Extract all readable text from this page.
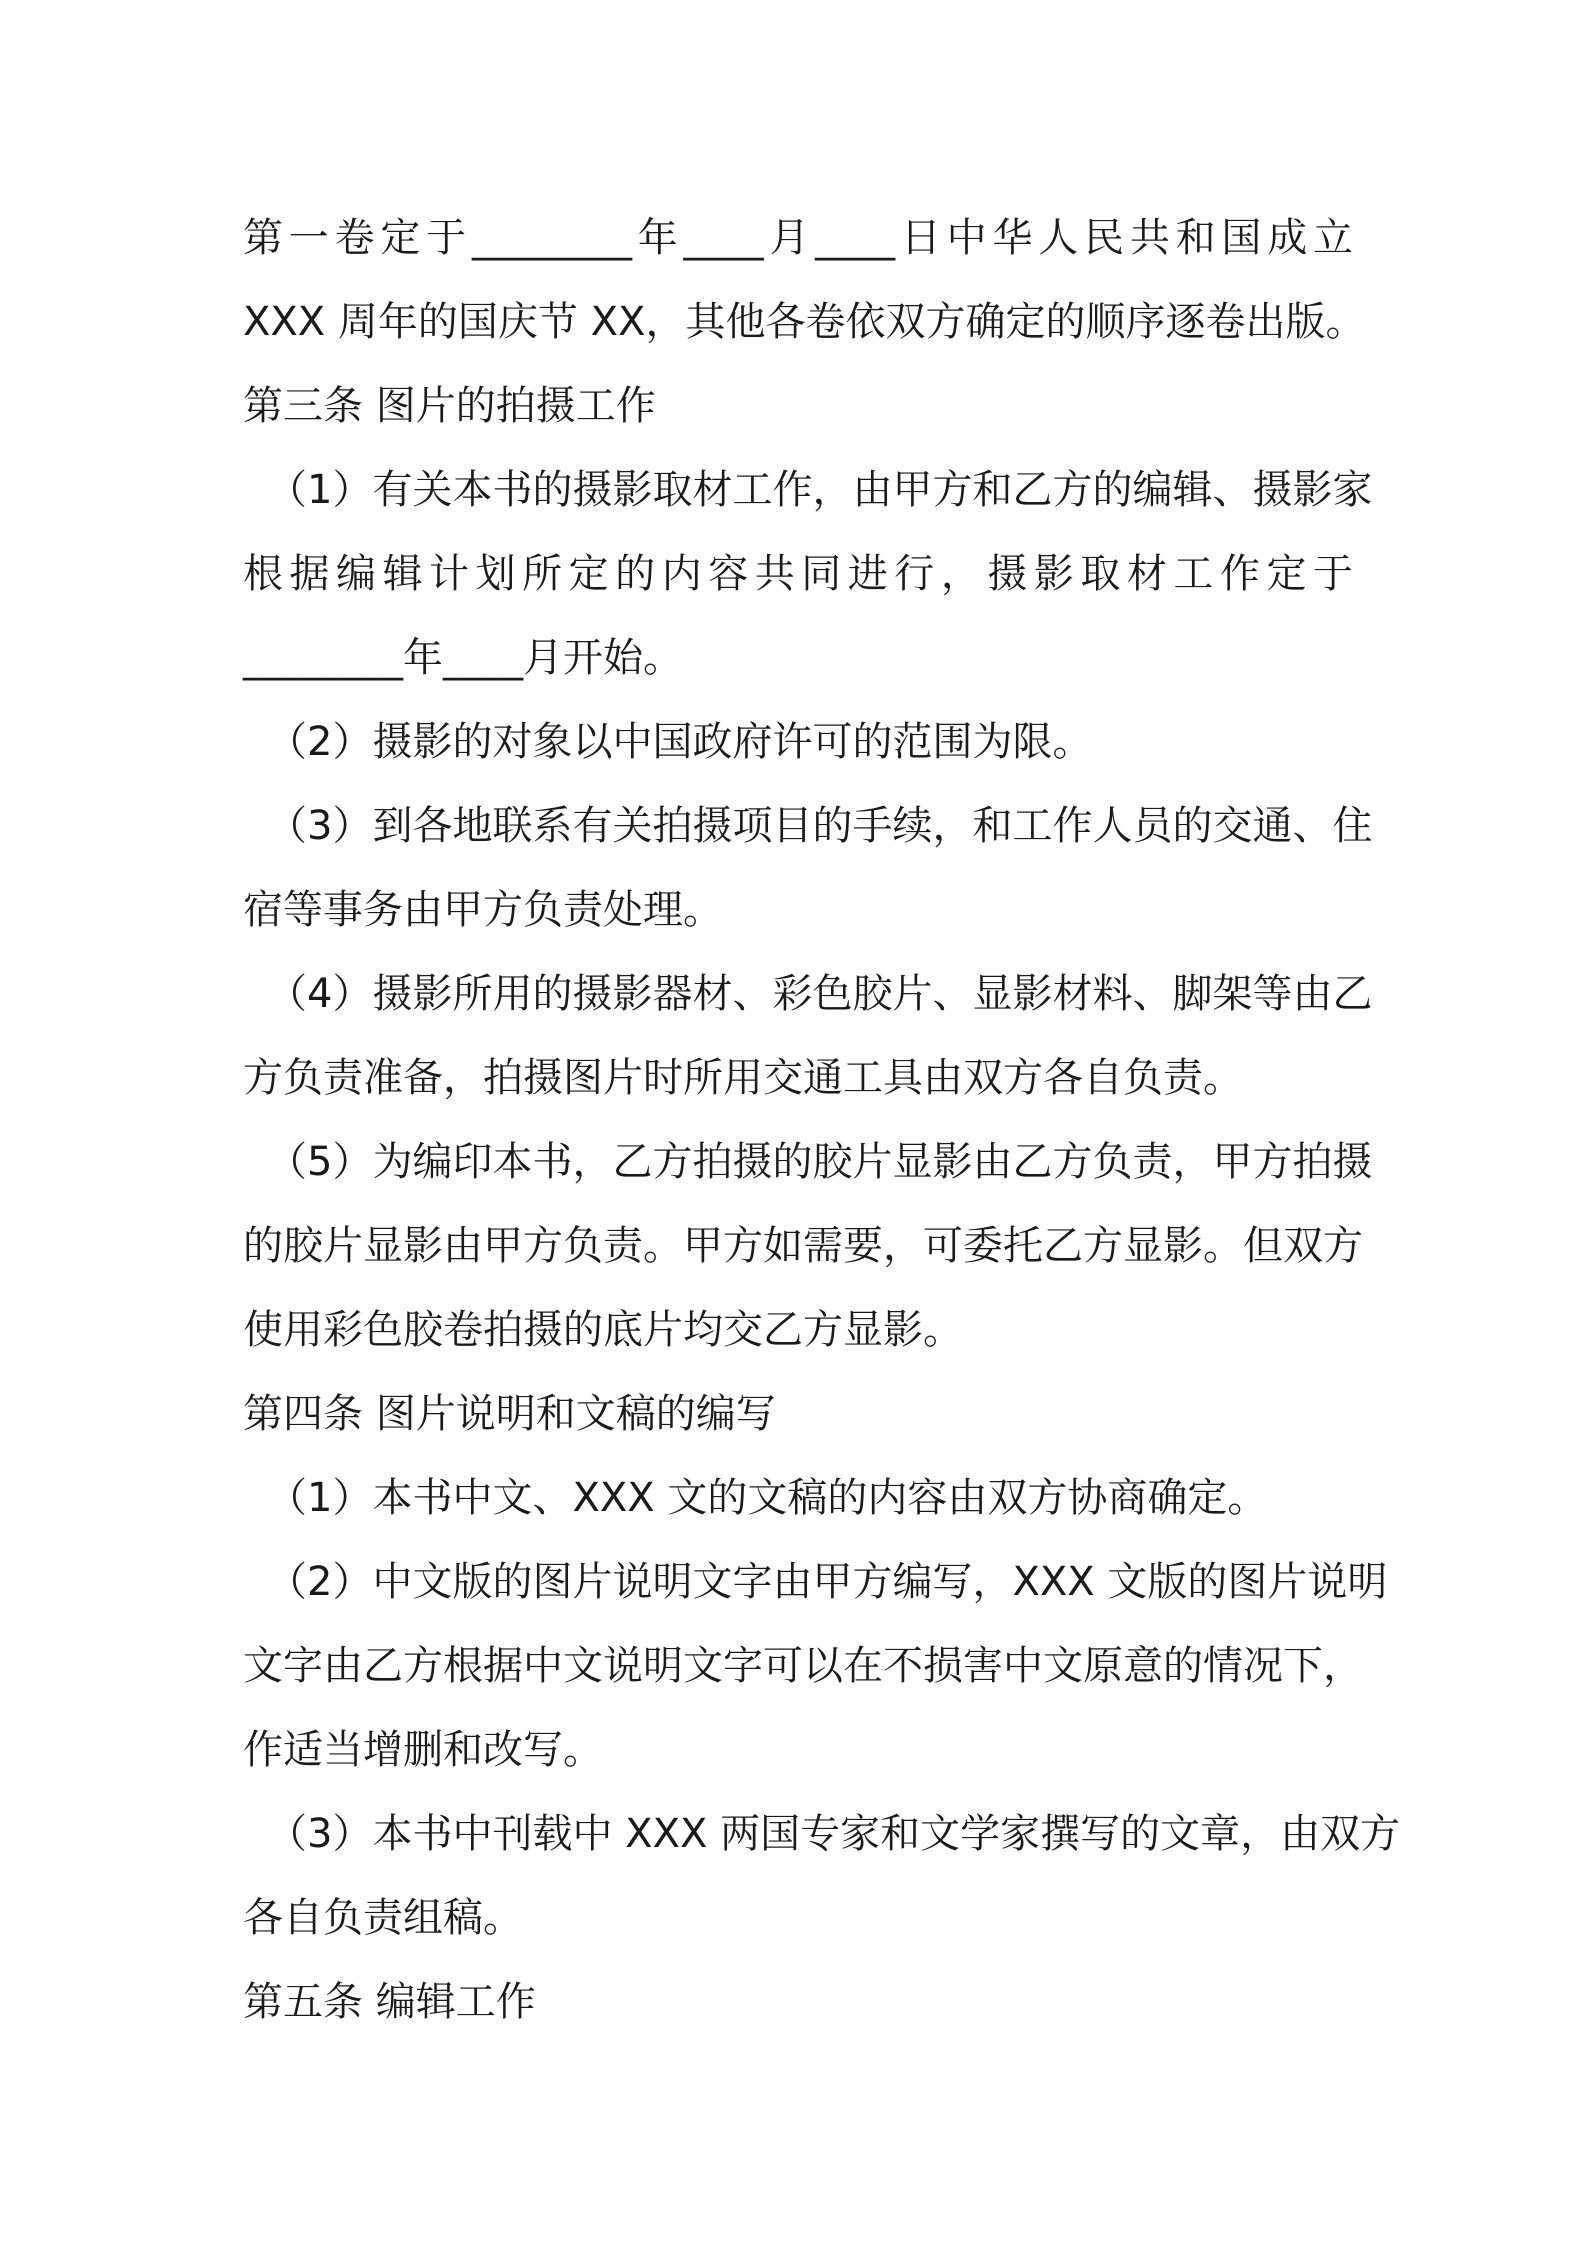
第一卷定于________年____月____日中华人民共和国成立
XXX 周年的国庆节 XX，其他各卷依双方确定的顺序逐卷出版。
第三条 图片的拍摄工作
（1）有关本书的摄影取材工作，由甲方和乙方的编辑、摄影家
根据编辑计划所定的内容共同进行，摄影取材工作定于
________年____月开始。
（2）摄影的对象以中国政府许可的范围为限。
（3）到各地联系有关拍摄项目的手续，和工作人员的交通、住
宿等事务由甲方负责处理。
（4）摄影所用的摄影器材、彩色胶片、显影材料、脚架等由乙
方负责准备，拍摄图片时所用交通工具由双方各自负责。
（5）为编印本书，乙方拍摄的胶片显影由乙方负责，甲方拍摄
的胶片显影由甲方负责。甲方如需要，可委托乙方显影。但双方
使用彩色胶卷拍摄的底片均交乙方显影。
第四条 图片说明和文稿的编写
（1）本书中文、XXX 文的文稿的内容由双方协商确定。
（2）中文版的图片说明文字由甲方编写，XXX 文版的图片说明
文字由乙方根据中文说明文字可以在不损害中文原意的情况下，
作适当增删和改写。
（3）本书中刊载中 XXX 两国专家和文学家撰写的文章，由双方
各自负责组稿。
第五条 编辑工作
